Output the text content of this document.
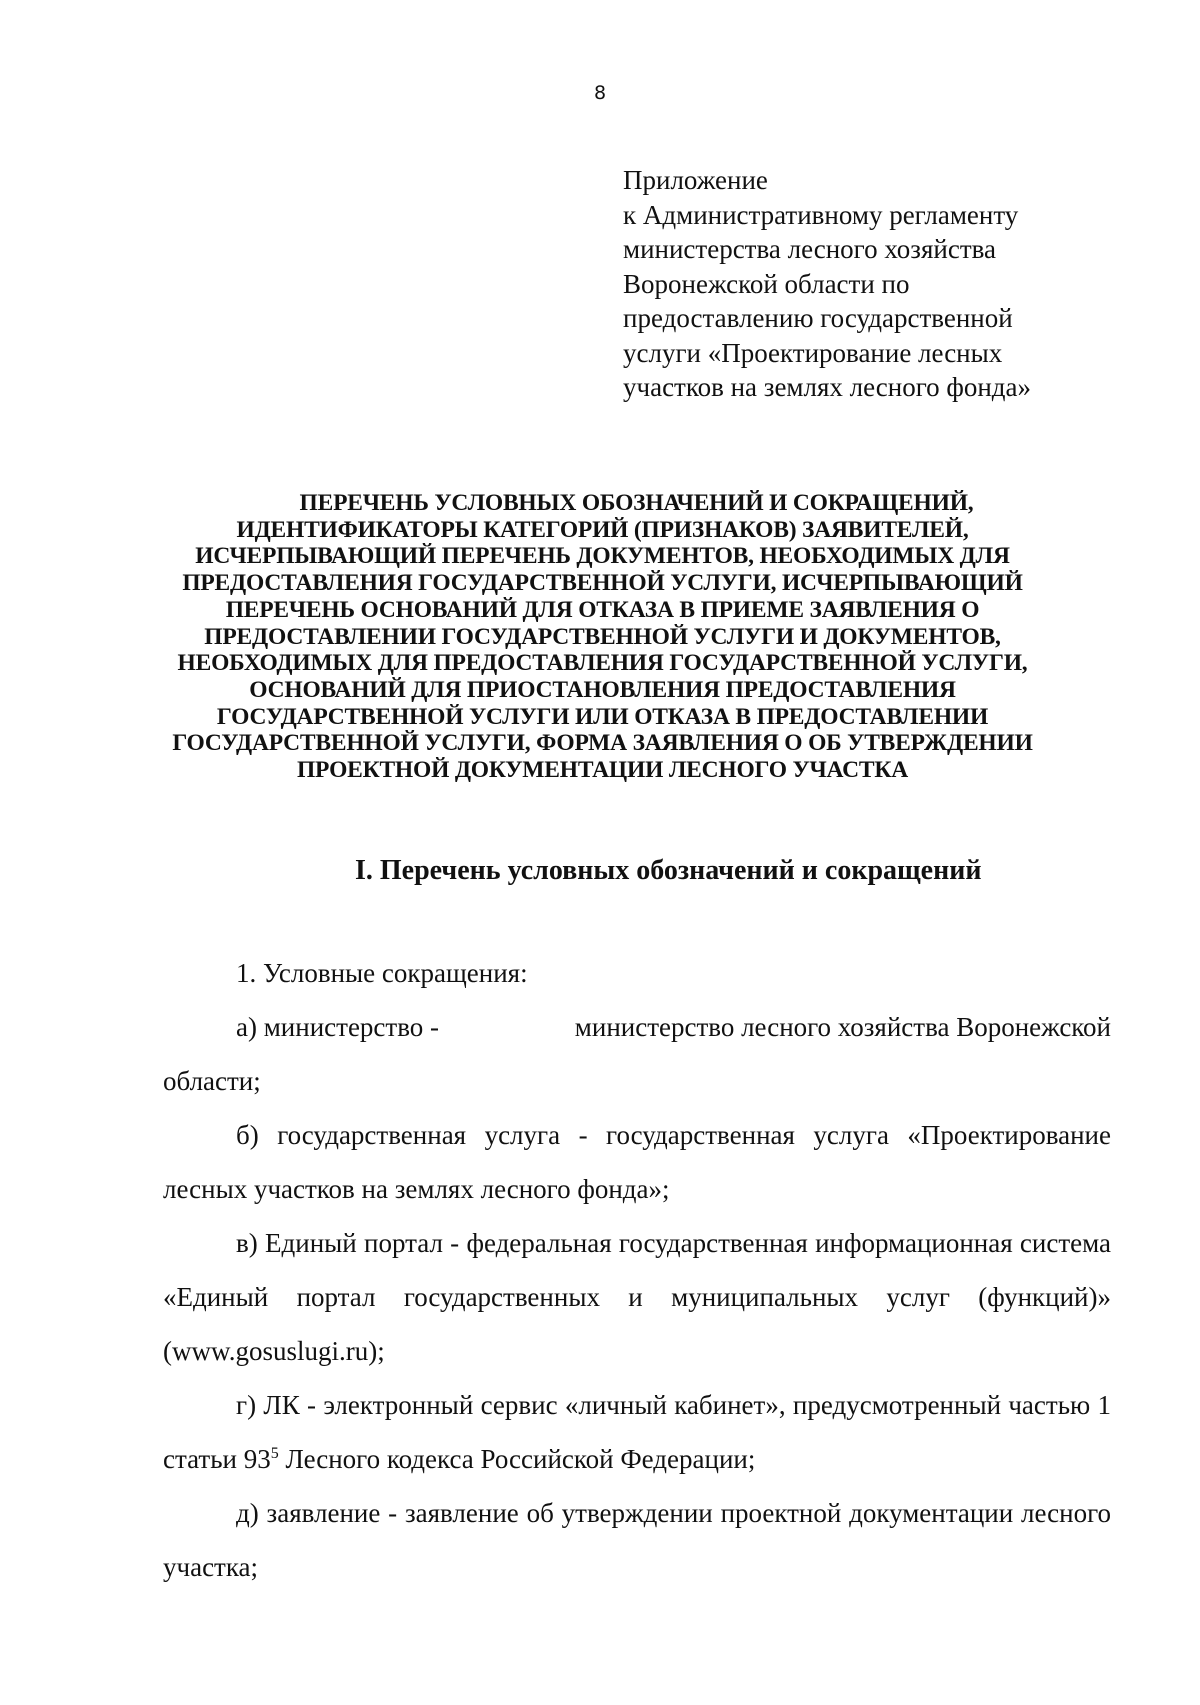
8
Приложение
к Административному регламенту
министерства лесного хозяйства
Воронежской области по
предоставлению государственной
услуги «Проектирование лесных
участков на землях лесного фонда»
ПЕРЕЧЕНЬ УСЛОВНЫХ ОБОЗНАЧЕНИЙ И СОКРАЩЕНИЙ,
ИДЕНТИФИКАТОРЫ КАТЕГОРИЙ (ПРИЗНАКОВ) ЗАЯВИТЕЛЕЙ,
ИСЧЕРПЫВАЮЩИЙ ПЕРЕЧЕНЬ ДОКУМЕНТОВ, НЕОБХОДИМЫХ ДЛЯ
ПРЕДОСТАВЛЕНИЯ ГОСУДАРСТВЕННОЙ УСЛУГИ, ИСЧЕРПЫВАЮЩИЙ
ПЕРЕЧЕНЬ ОСНОВАНИЙ ДЛЯ ОТКАЗА В ПРИЕМЕ ЗАЯВЛЕНИЯ О
ПРЕДОСТАВЛЕНИИ ГОСУДАРСТВЕННОЙ УСЛУГИ И ДОКУМЕНТОВ,
НЕОБХОДИМЫХ ДЛЯ ПРЕДОСТАВЛЕНИЯ ГОСУДАРСТВЕННОЙ УСЛУГИ,
ОСНОВАНИЙ ДЛЯ ПРИОСТАНОВЛЕНИЯ ПРЕДОСТАВЛЕНИЯ
ГОСУДАРСТВЕННОЙ УСЛУГИ ИЛИ ОТКАЗА В ПРЕДОСТАВЛЕНИИ
ГОСУДАРСТВЕННОЙ УСЛУГИ, ФОРМА ЗАЯВЛЕНИЯ О ОБ УТВЕРЖДЕНИИ
ПРОЕКТНОЙ ДОКУМЕНТАЦИИ ЛЕСНОГО УЧАСТКА
I. Перечень условных обозначений и сокращений
1. Условные сокращения:
а) министерство -	министерство лесного хозяйства Воронежской
области;

б) государственная услуга - государственная услуга «Проектирование лесных участков на землях лесного фонда»;

в) Единый портал - федеральная государственная информационная система «Единый портал государственных и муниципальных услуг (функций)» (www.gosuslugi.ru);

г) ЛК - электронный сервис «личный кабинет», предусмотренный частью 1 статьи $93^5$ Лесного кодекса Российской Федерации;

д) заявление - заявление об утверждении проектной документации лесного участка;
